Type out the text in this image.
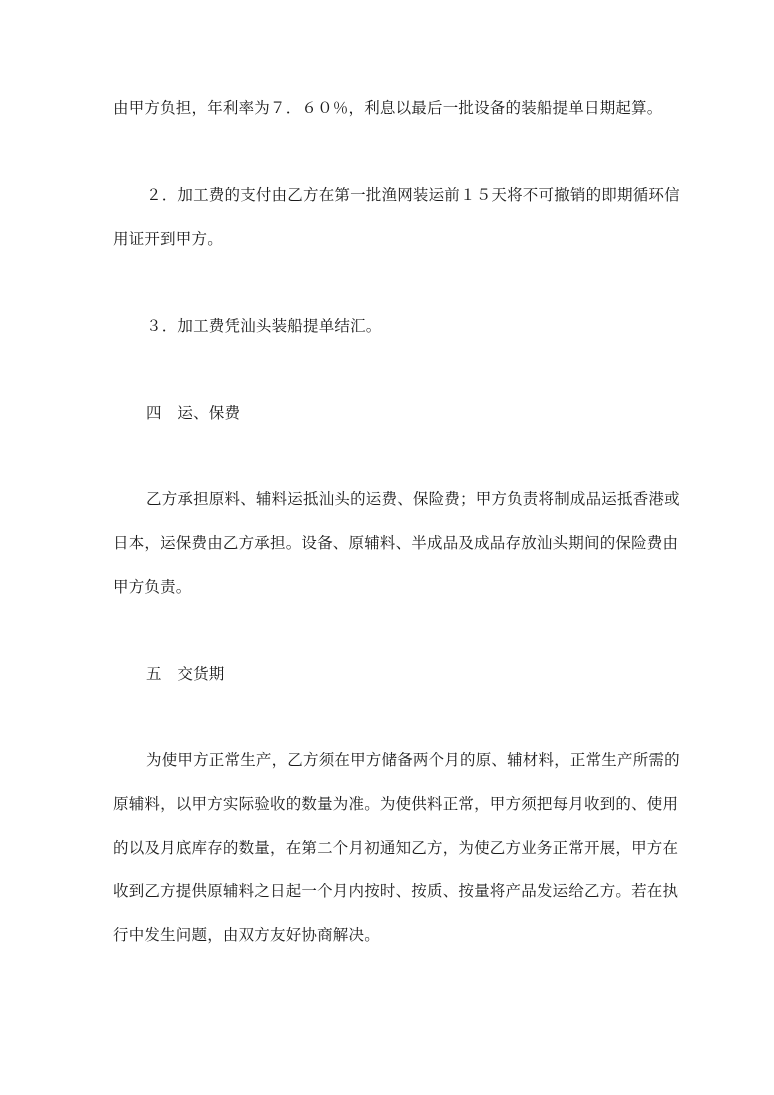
由甲方负担，年利率为７．６０％，利息以最后一批设备的装船提单日期起算。
２．加工费的支付由乙方在第一批渔网装运前１５天将不可撤销的即期循环信
用证开到甲方。
３．加工费凭汕头装船提单结汇。
四　运、保费
乙方承担原料、辅料运抵汕头的运费、保险费；甲方负责将制成品运抵香港或
日本，运保费由乙方承担。设备、原辅料、半成品及成品存放汕头期间的保险费由
甲方负责。
五　交货期
为使甲方正常生产，乙方须在甲方储备两个月的原、辅材料，正常生产所需的
原辅料，以甲方实际验收的数量为准。为使供料正常，甲方须把每月收到的、使用
的以及月底库存的数量，在第二个月初通知乙方，为使乙方业务正常开展，甲方在
收到乙方提供原辅料之日起一个月内按时、按质、按量将产品发运给乙方。若在执
行中发生问题，由双方友好协商解决。
